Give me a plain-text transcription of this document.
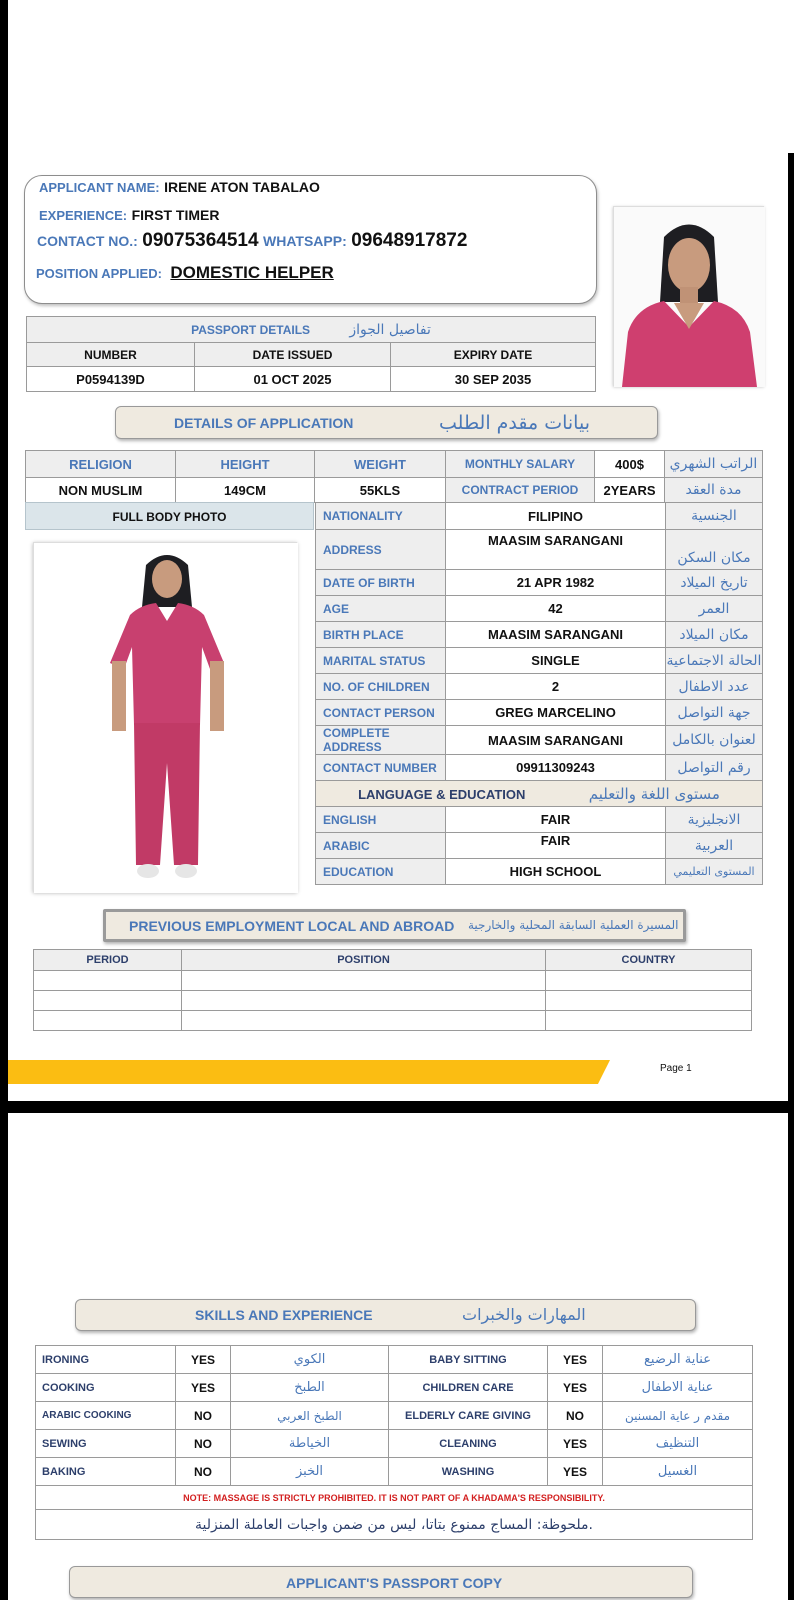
APPLICANT NAME: IRENE ATON TABALAO
EXPERIENCE: FIRST TIMER
CONTACT NO.: 09075364514 WHATSAPP: 09648917872
POSITION APPLIED: DOMESTIC HELPER
PASSPORT DETAILS تفاصيل الجواز		
NUMBER	DATE ISSUED	EXPIRY DATE
P0594139D	01 OCT 2025	30 SEP 2035
DETAILS OF APPLICATION	بيانات مقدم الطلب
RELIGION	HEIGHT	WEIGHT	MONTHLY SALARY	400$	الراتب الشهري
NON MUSLIM	149CM	55KLS	CONTRACT PERIOD	2YEARS	مدة العقد
FULL BODY PHOTO	NATIONALITY	FILIPINO	الجنسية
ADDRESS	MAASIM SARANGANI	مكان السكن
DATE OF BIRTH	21 APR 1982	تاريخ الميلاد
AGE	42	العمر
BIRTH PLACE	MAASIM SARANGANI	مكان الميلاد
MARITAL STATUS	SINGLE	الحالة الاجتماعية
NO. OF CHILDREN	2	عدد الاطفال
CONTACT PERSON	GREG MARCELINO	جهة التواصل
COMPLETE ADDRESS	MAASIM SARANGANI	لعنوان بالكامل
CONTACT NUMBER	09911309243	رقم التواصل
LANGUAGE & EDUCATION مستوى اللغة والتعليم		
ENGLISH	FAIR	الانجليزية
ARABIC	FAIR	العربية
EDUCATION	HIGH SCHOOL	المستوى التعليمي
PREVIOUS EMPLOYMENT LOCAL AND ABROAD المسيرة العملية السابقة المحلية والخارجية
PERIOD	POSITION	COUNTRY

Page 1
SKILLS AND EXPERIENCE	المهارات والخبرات
IRONING	YES	الكوي	BABY SITTING	YES	عناية الرضيع
COOKING	YES	الطبخ	CHILDREN CARE	YES	عناية الاطفال
ARABIC COOKING	NO	الطبخ العربي	ELDERLY CARE GIVING	NO	مقدم ر عاية المسنين
SEWING	NO	الخياطة	CLEANING	YES	التنظيف
BAKING	NO	الخبز	WASHING	YES	الغسيل
NOTE: MASSAGE IS STRICTLY PROHIBITED. IT IS NOT PART OF A KHADAMA'S RESPONSIBILITY.					
ملحوظة: المساج ممنوع بتاتا، ليس من ضمن واجبات العاملة المنزلية.					
APPLICANT'S PASSPORT COPY
